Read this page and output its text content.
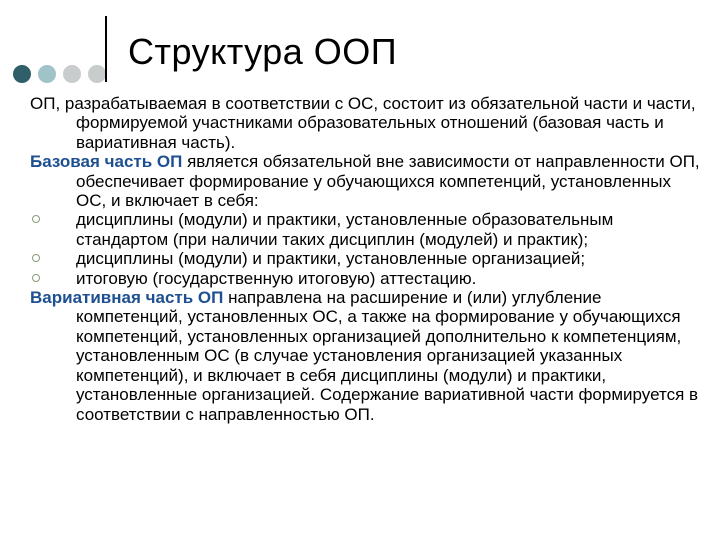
Структура ООП

ОП, разрабатываемая в соответствии с ОС, состоит из обязательной части и части, формируемой участниками образовательных отношений (базовая часть и вариативная часть).

Базовая часть ОП является обязательной вне зависимости от направленности ОП, обеспечивает формирование у обучающихся компетенций, установленных ОС, и включает в себя:

дисциплины (модули) и практики, установленные образовательным стандартом (при наличии таких дисциплин (модулей) и практик);

дисциплины (модули) и практики, установленные организацией;

итоговую (государственную итоговую) аттестацию.

Вариативная часть ОП направлена на расширение и (или) углубление компетенций, установленных ОС, а также на формирование у обучающихся компетенций, установленных организацией дополнительно к компетенциям, установленным ОС (в случае установления организацией указанных компетенций), и включает в себя дисциплины (модули) и практики, установленные организацией. Содержание вариативной части формируется в соответствии с направленностью ОП.
